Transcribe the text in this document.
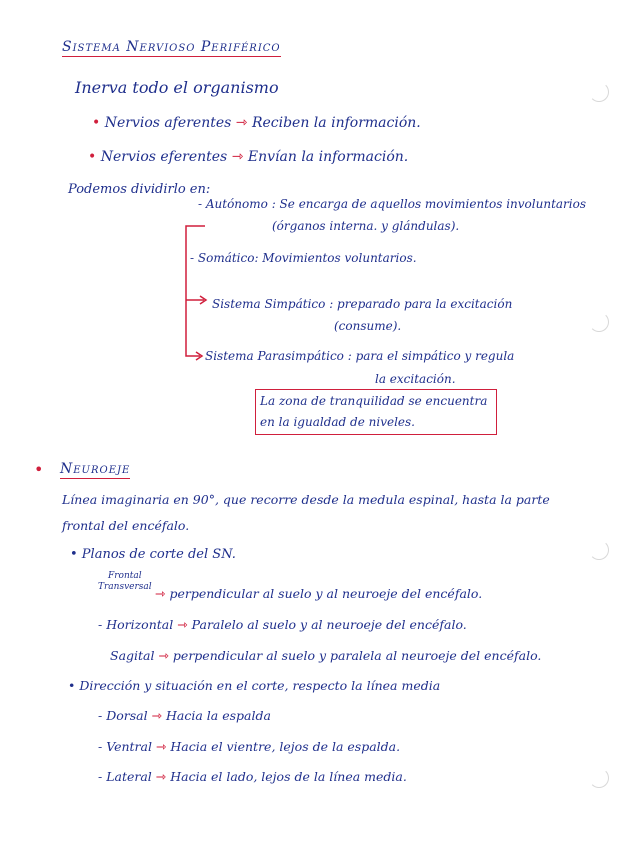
Sistema Nervioso Periférico
Inerva todo el organismo
• Nervios aferentes ⇾ Reciben la información.
• Nervios eferentes ⇾ Envían la información.
Podemos dividirlo en:
- Autónomo : Se encarga de aquellos movimientos involuntarios
(órganos interna. y glándulas).
- Somático: Movimientos voluntarios.
Sistema Simpático : preparado para la excitación
(consume).
Sistema Parasimpático : para el simpático y regula
la excitación.
La zona de tranquilidad se encuentra
en la igualdad de niveles.
• Neuroeje
Línea imaginaria en 90°, que recorre desde la medula espinal, hasta la parte
frontal del encéfalo.
• Planos de corte del SN.
Frontal
Transversal ⇾ perpendicular al suelo y al neuroeje del encéfalo.
- Horizontal ⇾ Paralelo al suelo y al neuroeje del encéfalo.
Sagital ⇾ perpendicular al suelo y paralela al neuroeje del encéfalo.
• Dirección y situación en el corte, respecto la línea media
- Dorsal ⇾ Hacia la espalda
- Ventral ⇾ Hacia el vientre, lejos de la espalda.
- Lateral ⇾ Hacia el lado, lejos de la línea media.
